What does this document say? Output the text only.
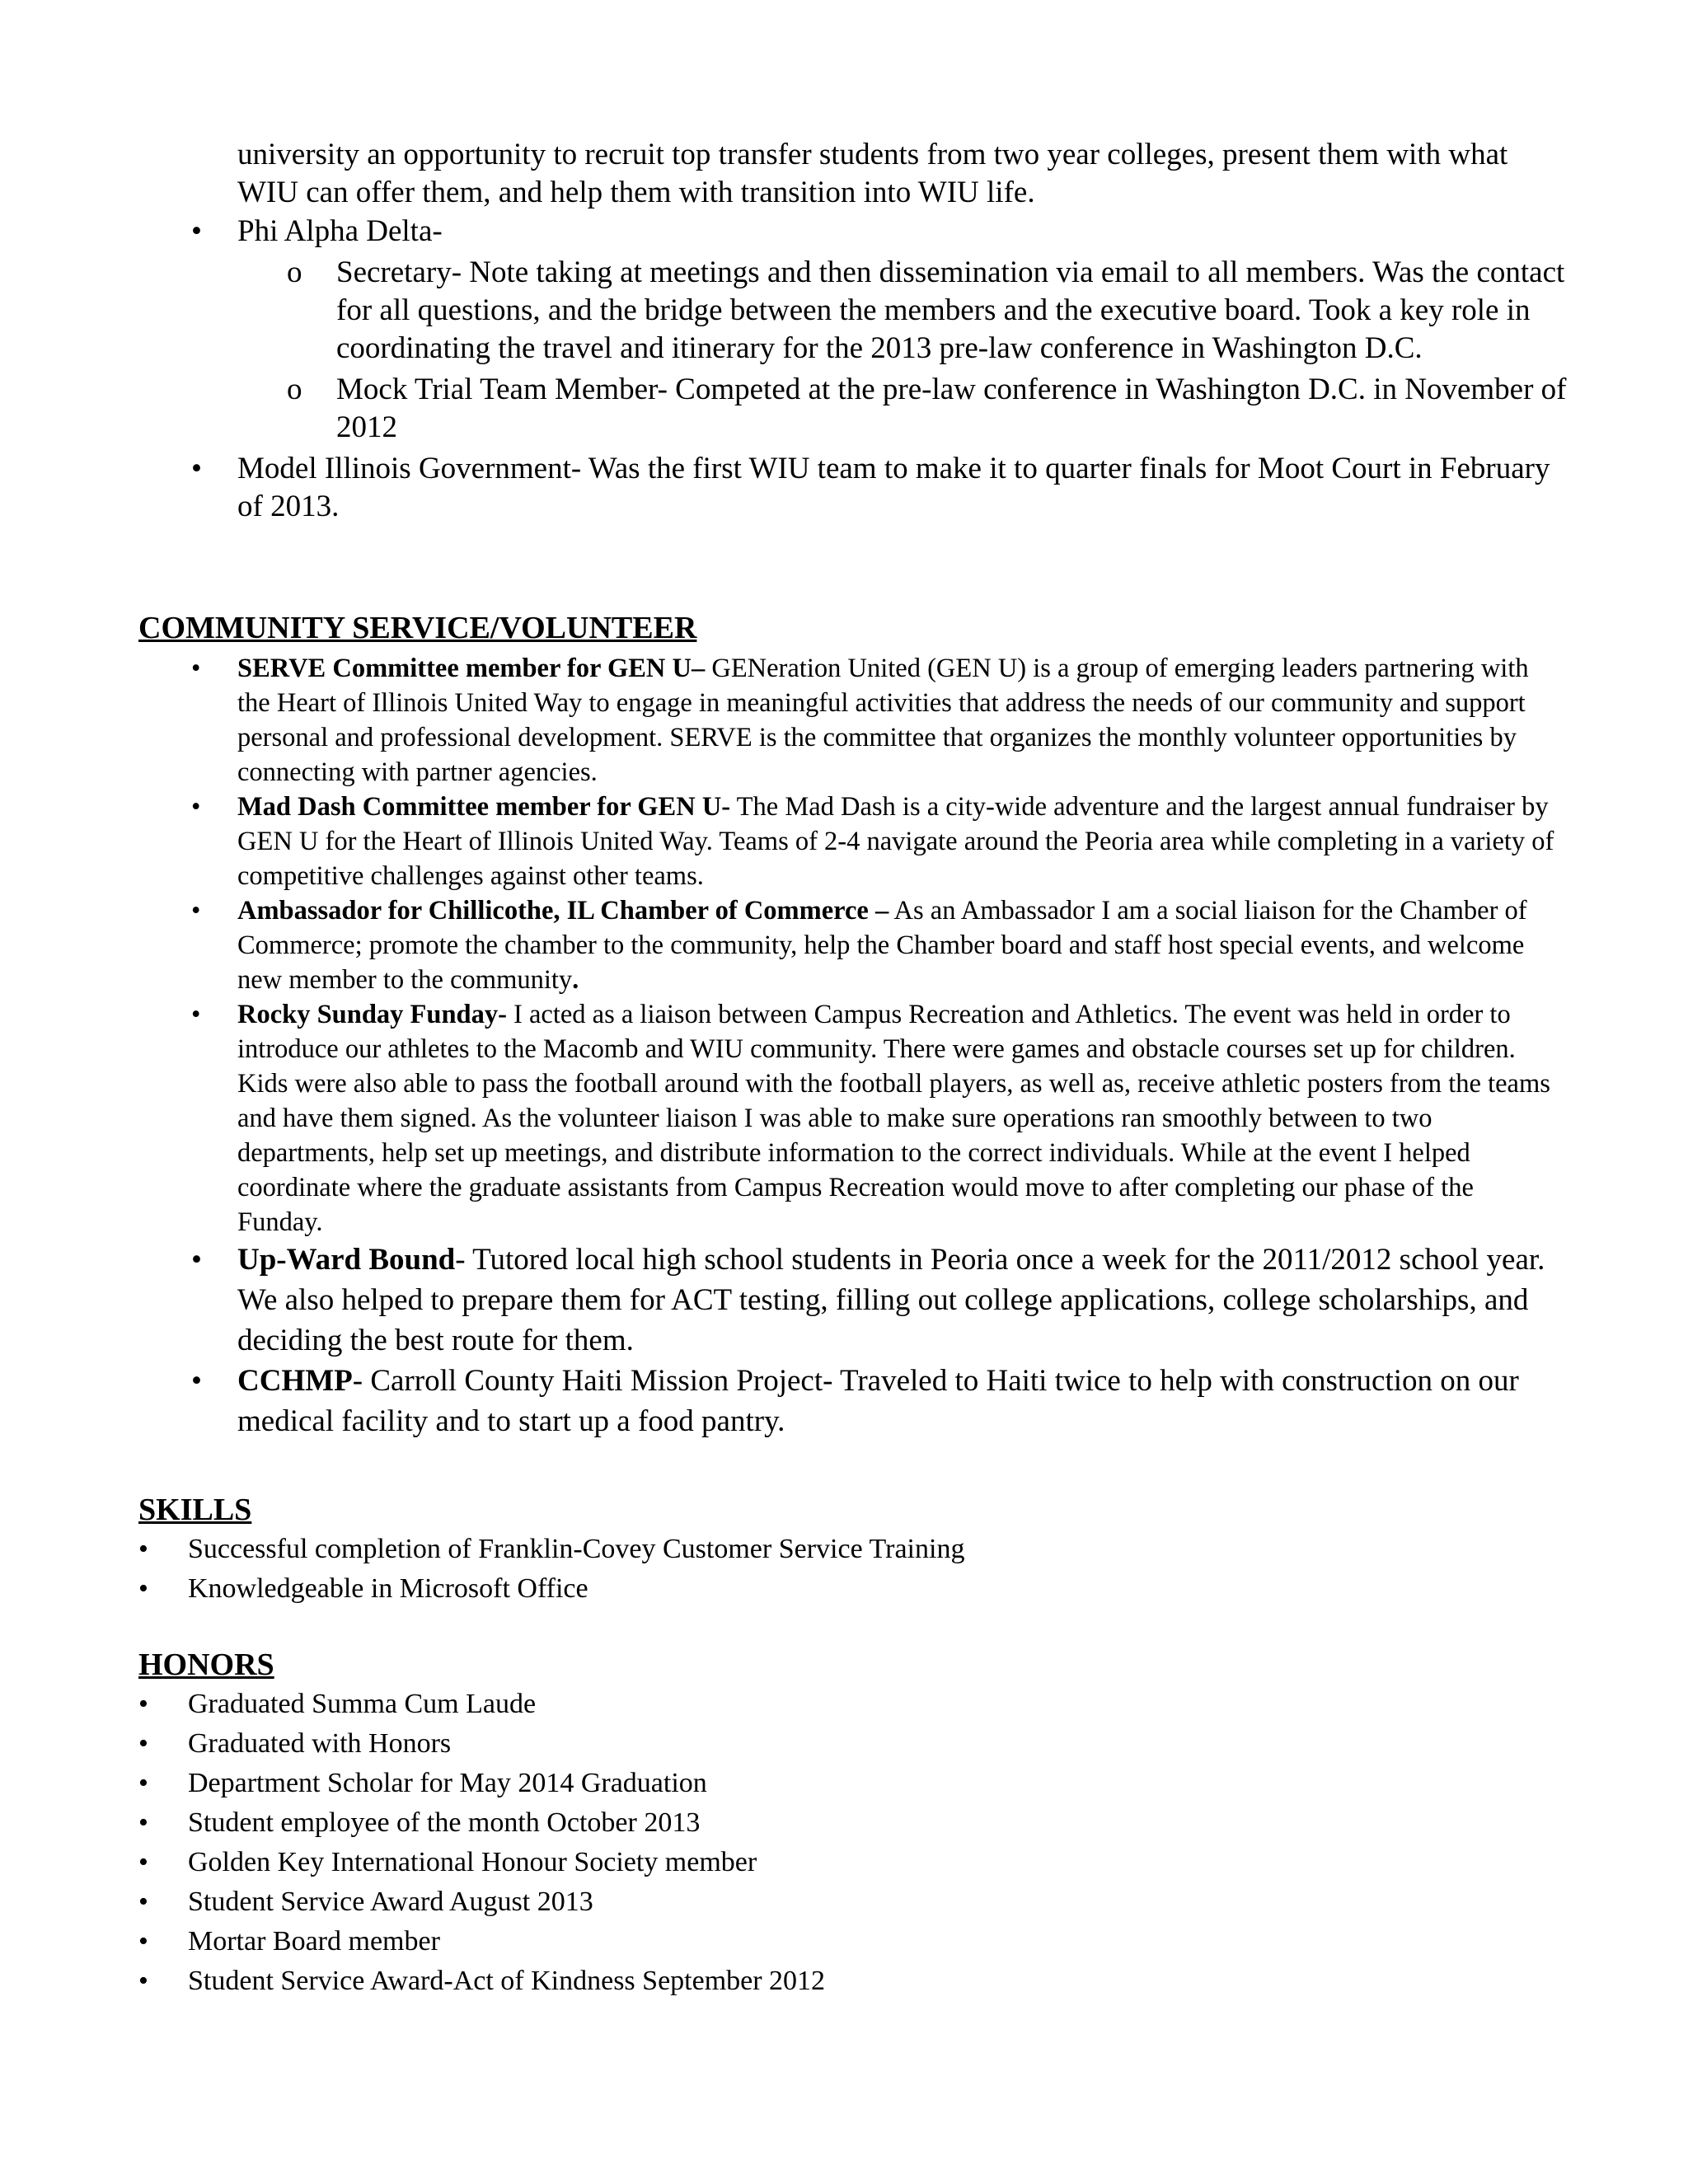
university an opportunity to recruit top transfer students from two year colleges, present them with what WIU can offer them, and help them with transition into WIU life.

• Phi Alpha Delta-
o Secretary- Note taking at meetings and then dissemination via email to all members. Was the contact for all questions, and the bridge between the members and the executive board. Took a key role in coordinating the travel and itinerary for the 2013 pre-law conference in Washington D.C.
o Mock Trial Team Member- Competed at the pre-law conference in Washington D.C. in November of 2012
• Model Illinois Government- Was the first WIU team to make it to quarter finals for Moot Court in February of 2013.
COMMUNITY SERVICE/VOLUNTEER
• SERVE Committee member for GEN U– GENeration United (GEN U) is a group of emerging leaders partnering with the Heart of Illinois United Way to engage in meaningful activities that address the needs of our community and support personal and professional development. SERVE is the committee that organizes the monthly volunteer opportunities by connecting with partner agencies.
• Mad Dash Committee member for GEN U- The Mad Dash is a city-wide adventure and the largest annual fundraiser by GEN U for the Heart of Illinois United Way. Teams of 2-4 navigate around the Peoria area while completing in a variety of competitive challenges against other teams.
• Ambassador for Chillicothe, IL Chamber of Commerce – As an Ambassador I am a social liaison for the Chamber of Commerce; promote the chamber to the community, help the Chamber board and staff host special events, and welcome new member to the community.
• Rocky Sunday Funday- I acted as a liaison between Campus Recreation and Athletics. The event was held in order to introduce our athletes to the Macomb and WIU community. There were games and obstacle courses set up for children. Kids were also able to pass the football around with the football players, as well as, receive athletic posters from the teams and have them signed. As the volunteer liaison I was able to make sure operations ran smoothly between to two departments, help set up meetings, and distribute information to the correct individuals. While at the event I helped coordinate where the graduate assistants from Campus Recreation would move to after completing our phase of the Funday.
• Up-Ward Bound- Tutored local high school students in Peoria once a week for the 2011/2012 school year. We also helped to prepare them for ACT testing, filling out college applications, college scholarships, and deciding the best route for them.
• CCHMP- Carroll County Haiti Mission Project- Traveled to Haiti twice to help with construction on our medical facility and to start up a food pantry.
SKILLS
• Successful completion of Franklin-Covey Customer Service Training
• Knowledgeable in Microsoft Office
HONORS
• Graduated Summa Cum Laude
• Graduated with Honors
• Department Scholar for May 2014 Graduation
• Student employee of the month October 2013
• Golden Key International Honour Society member
• Student Service Award August 2013
• Mortar Board member
• Student Service Award-Act of Kindness September 2012
